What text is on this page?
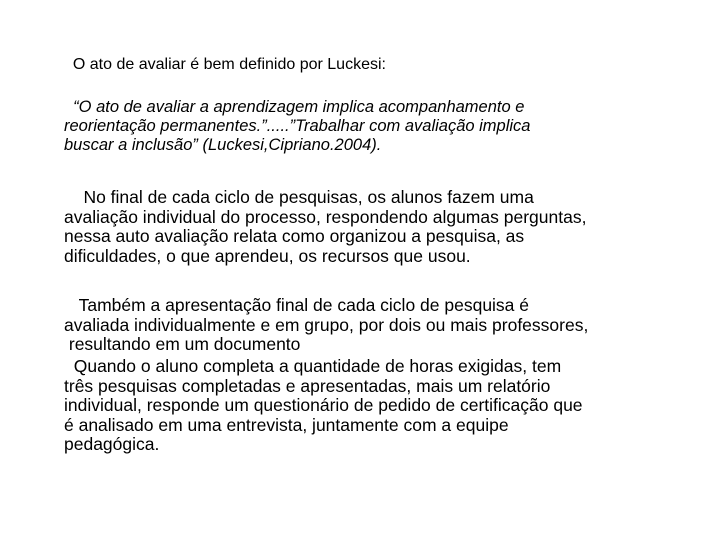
O ato de avaliar é bem definido por Luckesi:

“O ato de avaliar a aprendizagem implica acompanhamento e
reorientação permanentes.”.....”Trabalhar com avaliação implica
buscar a inclusão” (Luckesi,Cipriano.2004).

No final de cada ciclo de pesquisas, os alunos fazem uma
avaliação individual do processo, respondendo algumas perguntas,
nessa auto avaliação relata como organizou a pesquisa, as
dificuldades, o que aprendeu, os recursos que usou.

Também a apresentação final de cada ciclo de pesquisa é
avaliada individualmente e em grupo, por dois ou mais professores,
resultando em um documento

Quando o aluno completa a quantidade de horas exigidas, tem
três pesquisas completadas e apresentadas, mais um relatório
individual, responde um questionário de pedido de certificação que
é analisado em uma entrevista, juntamente com a equipe
pedagógica.
